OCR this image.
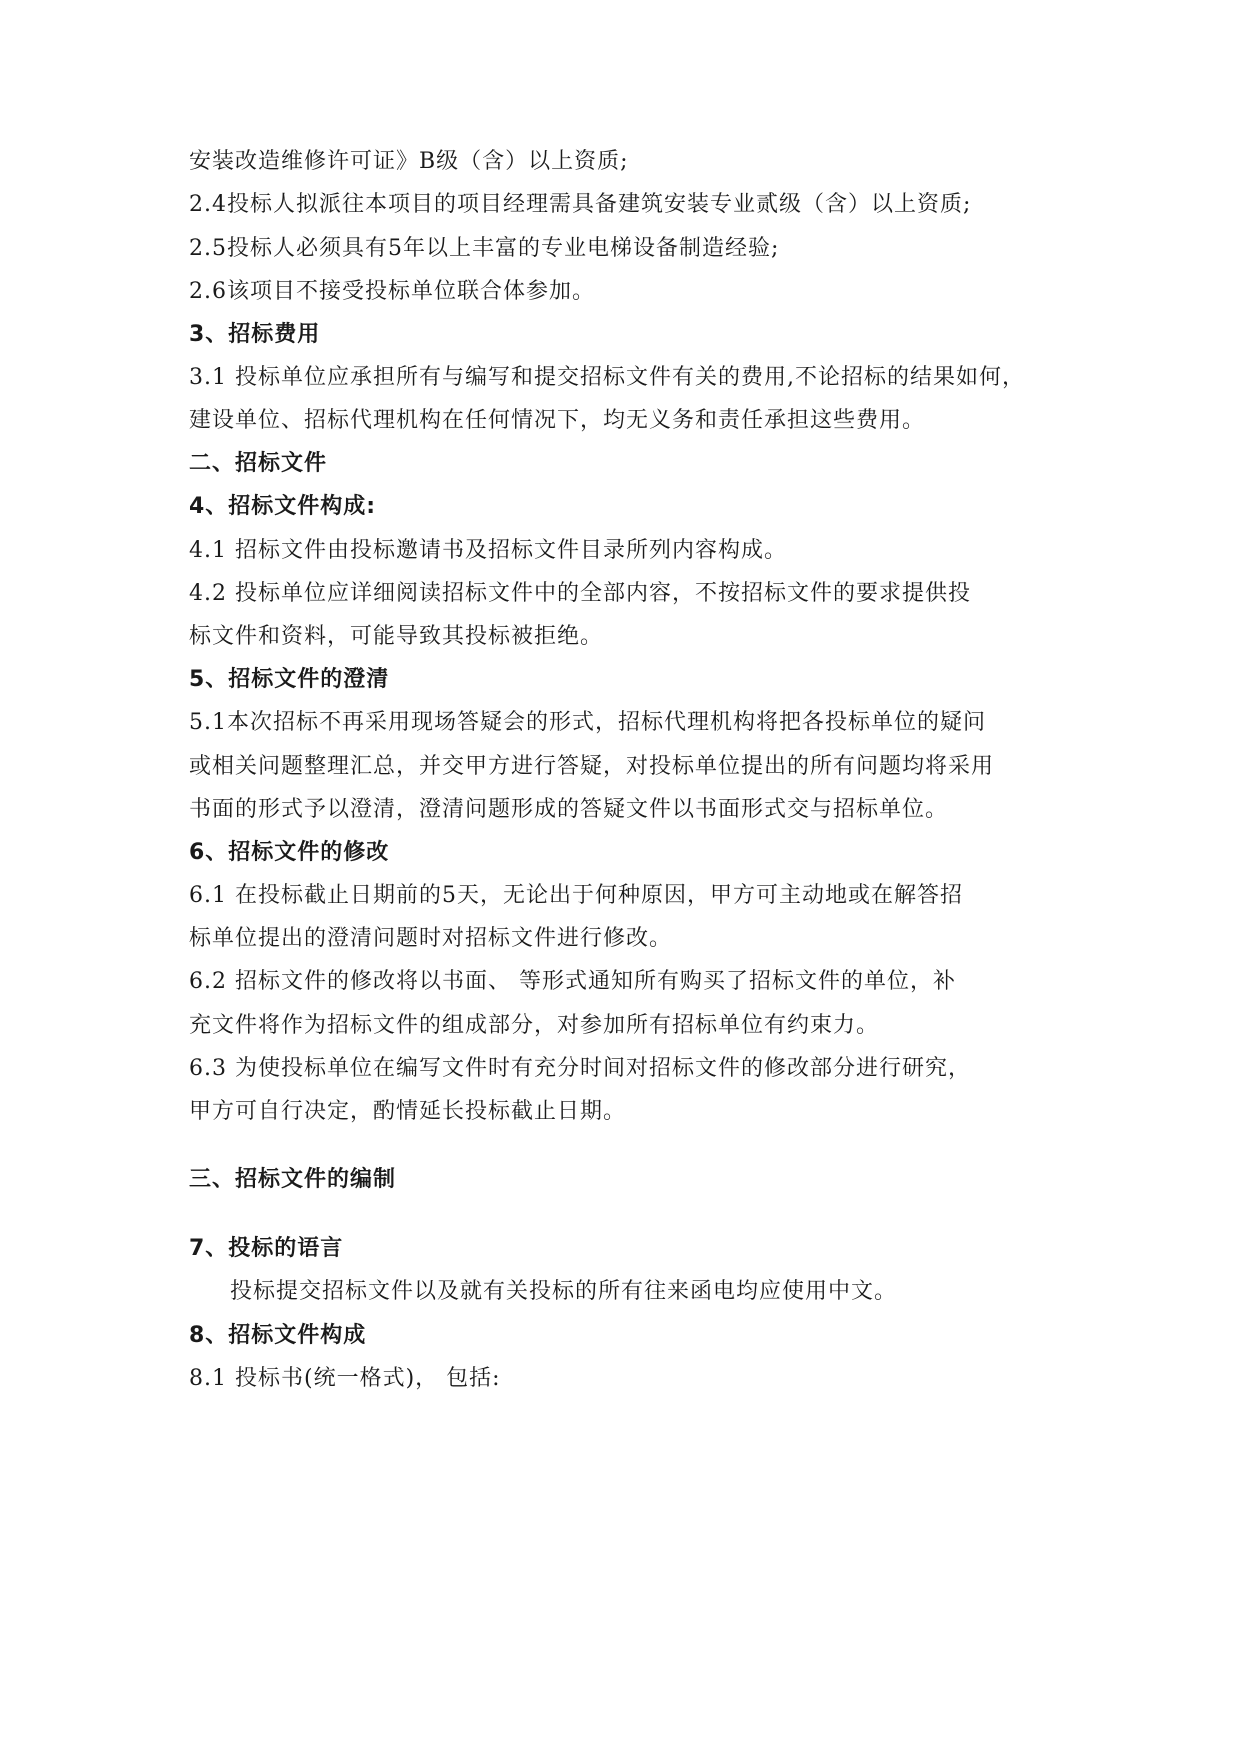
安装改造维修许可证》B级（含）以上资质;
2.4投标人拟派往本项目的项目经理需具备建筑安装专业贰级（含）以上资质;
2.5投标人必须具有5年以上丰富的专业电梯设备制造经验;
2.6该项目不接受投标单位联合体参加。
3、招标费用
3.1 投标单位应承担所有与编写和提交招标文件有关的费用,不论招标的结果如何，
建设单位、招标代理机构在任何情况下，均无义务和责任承担这些费用。
二、招标文件
4、招标文件构成:
4.1 招标文件由投标邀请书及招标文件目录所列内容构成。
4.2 投标单位应详细阅读招标文件中的全部内容，不按招标文件的要求提供投
标文件和资料，可能导致其投标被拒绝。
5、招标文件的澄清
5.1本次招标不再采用现场答疑会的形式，招标代理机构将把各投标单位的疑问
或相关问题整理汇总，并交甲方进行答疑，对投标单位提出的所有问题均将采用
书面的形式予以澄清，澄清问题形成的答疑文件以书面形式交与招标单位。
6、招标文件的修改
6.1 在投标截止日期前的5天，无论出于何种原因，甲方可主动地或在解答招
标单位提出的澄清问题时对招标文件进行修改。
6.2 招标文件的修改将以书面、 等形式通知所有购买了招标文件的单位，补
充文件将作为招标文件的组成部分，对参加所有招标单位有约束力。
6.3 为使投标单位在编写文件时有充分时间对招标文件的修改部分进行研究，
甲方可自行决定，酌情延长投标截止日期。
三、招标文件的编制
7、投标的语言
投标提交招标文件以及就有关投标的所有往来函电均应使用中文。
8、招标文件构成
8.1 投标书(统一格式)， 包括:
